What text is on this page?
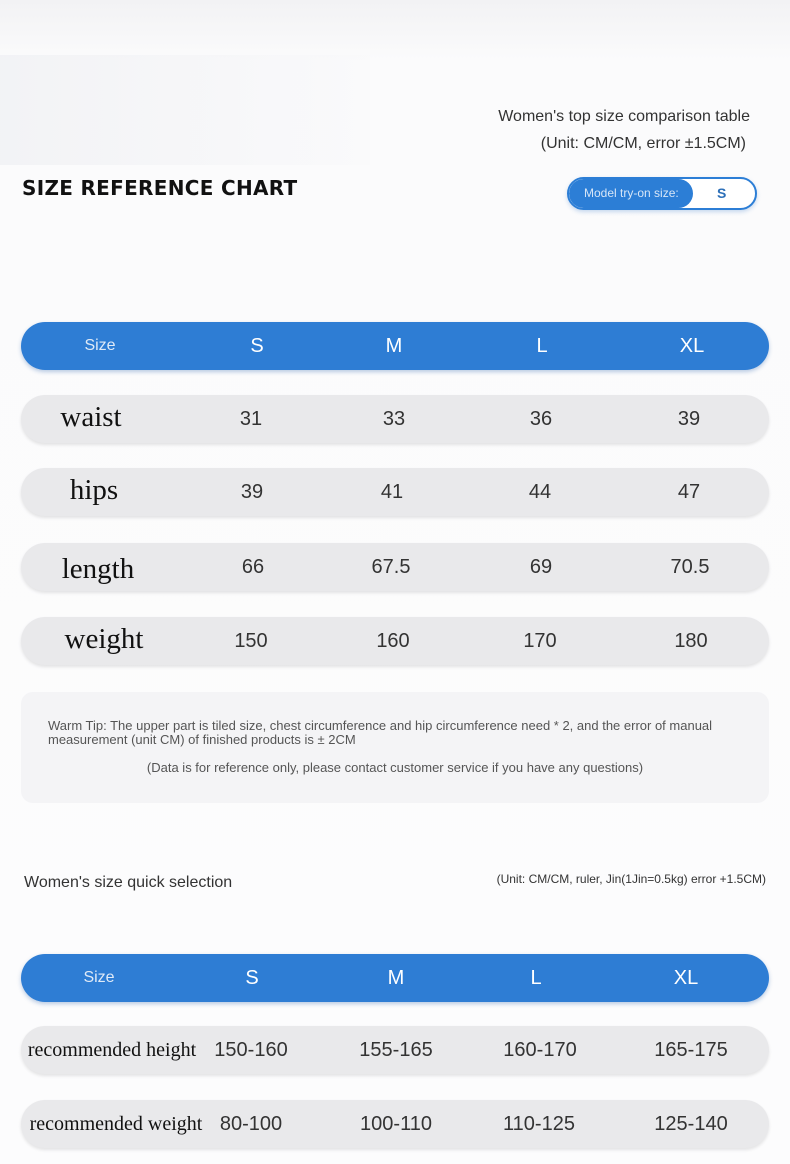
Women's top size comparison table
(Unit: CM/CM, error ±1.5CM)
SIZE REFERENCE CHART	Model try-on size:	S
Size	S	M	L	XL
waist	31	33	36	39
hips	39	41	44	47
length	66	67.5	69	70.5
weight	150	160	170	180
Warm Tip: The upper part is tiled size, chest circumference and hip circumference need * 2, and the error of manual measurement (unit CM) of finished products is ± 2CM
(Data is for reference only, please contact customer service if you have any questions)
Women's size quick selection	(Unit: CM/CM, ruler, Jin(1Jin=0.5kg) error +1.5CM)
Size	S	M	L	XL
recommended height 150-160	155-165	160-170	165-175
recommended weight 80-100	100-110	110-125	125-140
